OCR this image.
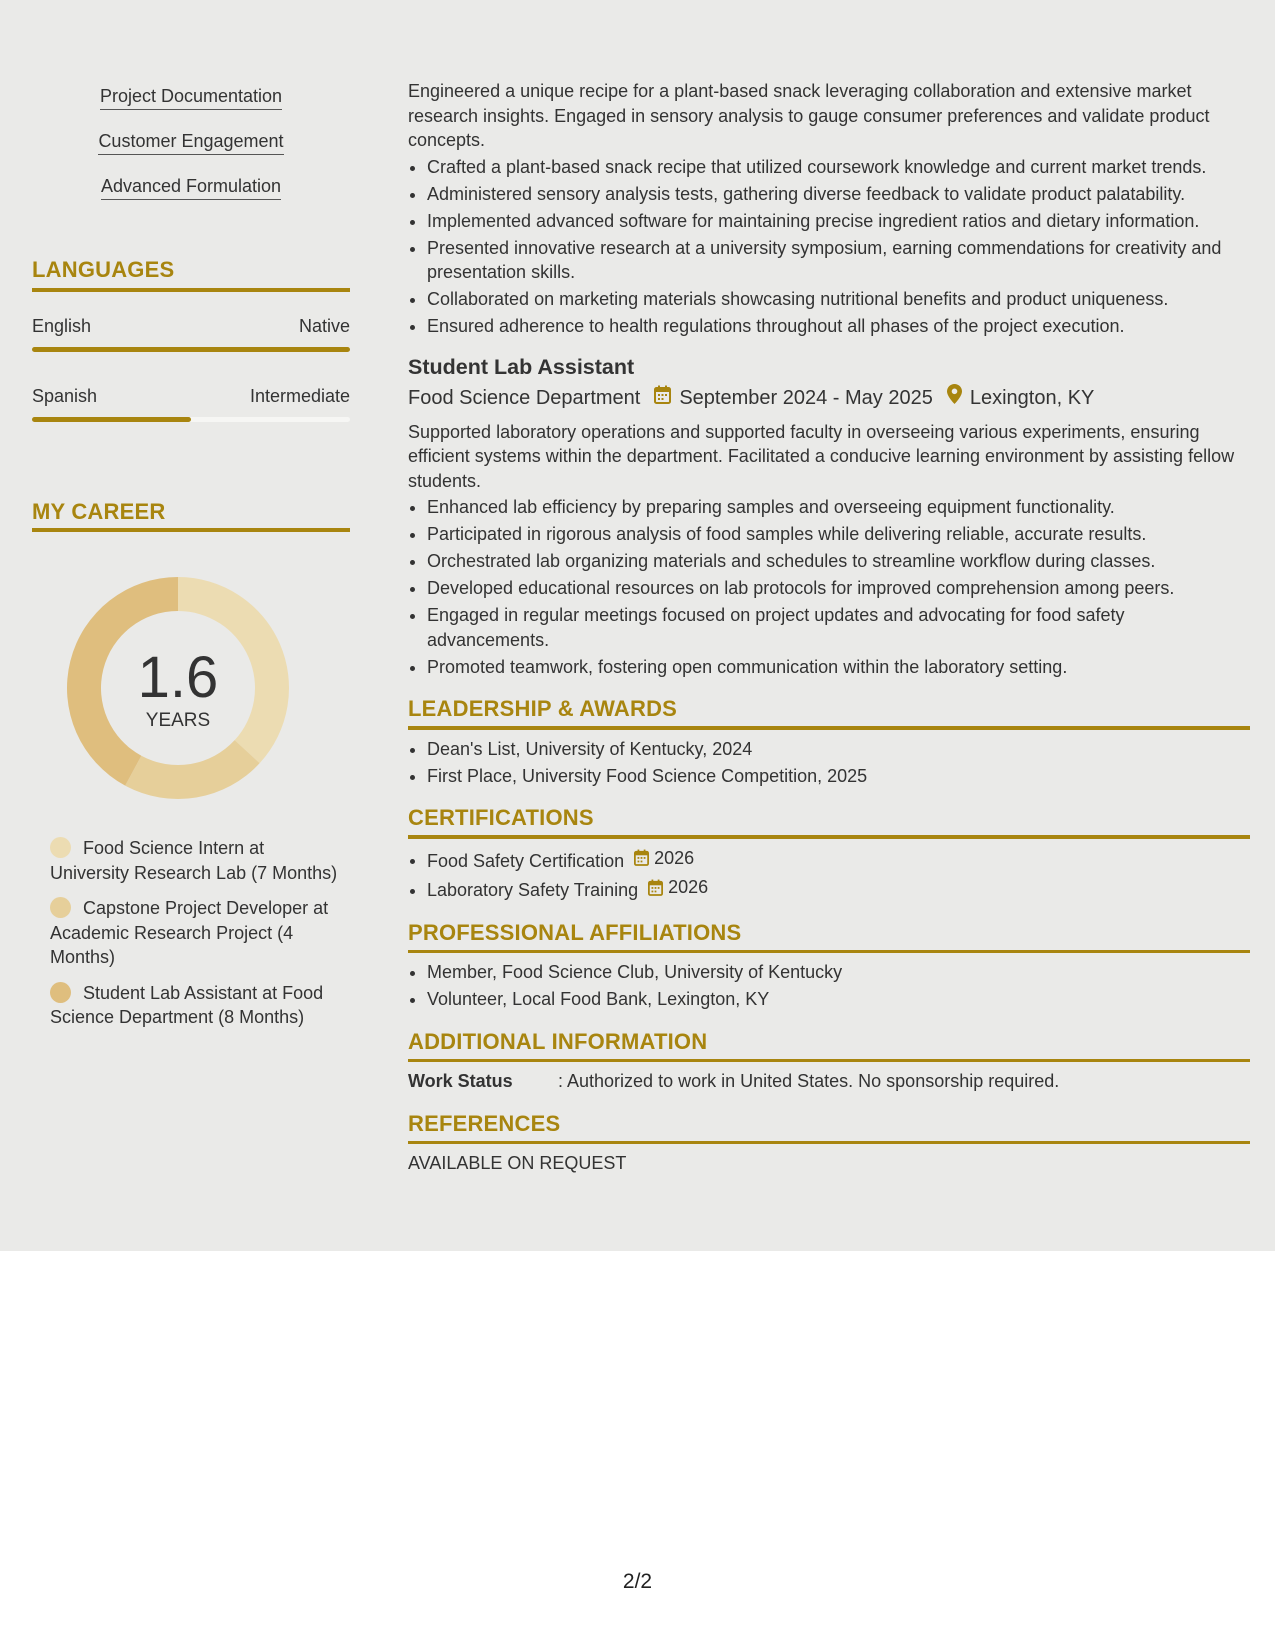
Project Documentation
Customer Engagement
Advanced Formulation
LANGUAGES
English	Native
Spanish	Intermediate
MY CAREER
1.6
YEARS
Food Science Intern at University Research Lab (7 Months)
Capstone Project Developer at Academic Research Project (4 Months)
Student Lab Assistant at Food Science Department (8 Months)

Engineered a unique recipe for a plant-based snack leveraging collaboration and extensive market research insights. Engaged in sensory analysis to gauge consumer preferences and validate product concepts.

• Crafted a plant-based snack recipe that utilized coursework knowledge and current market trends.
• Administered sensory analysis tests, gathering diverse feedback to validate product palatability.
• Implemented advanced software for maintaining precise ingredient ratios and dietary information.
• Presented innovative research at a university symposium, earning commendations for creativity and presentation skills.
• Collaborated on marketing materials showcasing nutritional benefits and product uniqueness.
• Ensured adherence to health regulations throughout all phases of the project execution.
Student Lab Assistant
Food Science Department September 2024 - May 2025 Lexington, KY

Supported laboratory operations and supported faculty in overseeing various experiments, ensuring efficient systems within the department. Facilitated a conducive learning environment by assisting fellow students.

• Enhanced lab efficiency by preparing samples and overseeing equipment functionality.
• Participated in rigorous analysis of food samples while delivering reliable, accurate results.
• Orchestrated lab organizing materials and schedules to streamline workflow during classes.
• Developed educational resources on lab protocols for improved comprehension among peers.
• Engaged in regular meetings focused on project updates and advocating for food safety advancements.
• Promoted teamwork, fostering open communication within the laboratory setting.
LEADERSHIP & AWARDS
• Dean's List, University of Kentucky, 2024
• First Place, University Food Science Competition, 2025
CERTIFICATIONS
• Food Safety Certification 2026
• Laboratory Safety Training 2026
PROFESSIONAL AFFILIATIONS
• Member, Food Science Club, University of Kentucky
• Volunteer, Local Food Bank, Lexington, KY
ADDITIONAL INFORMATION
Work Status	: Authorized to work in United States. No sponsorship required.
REFERENCES
AVAILABLE ON REQUEST
2/2
